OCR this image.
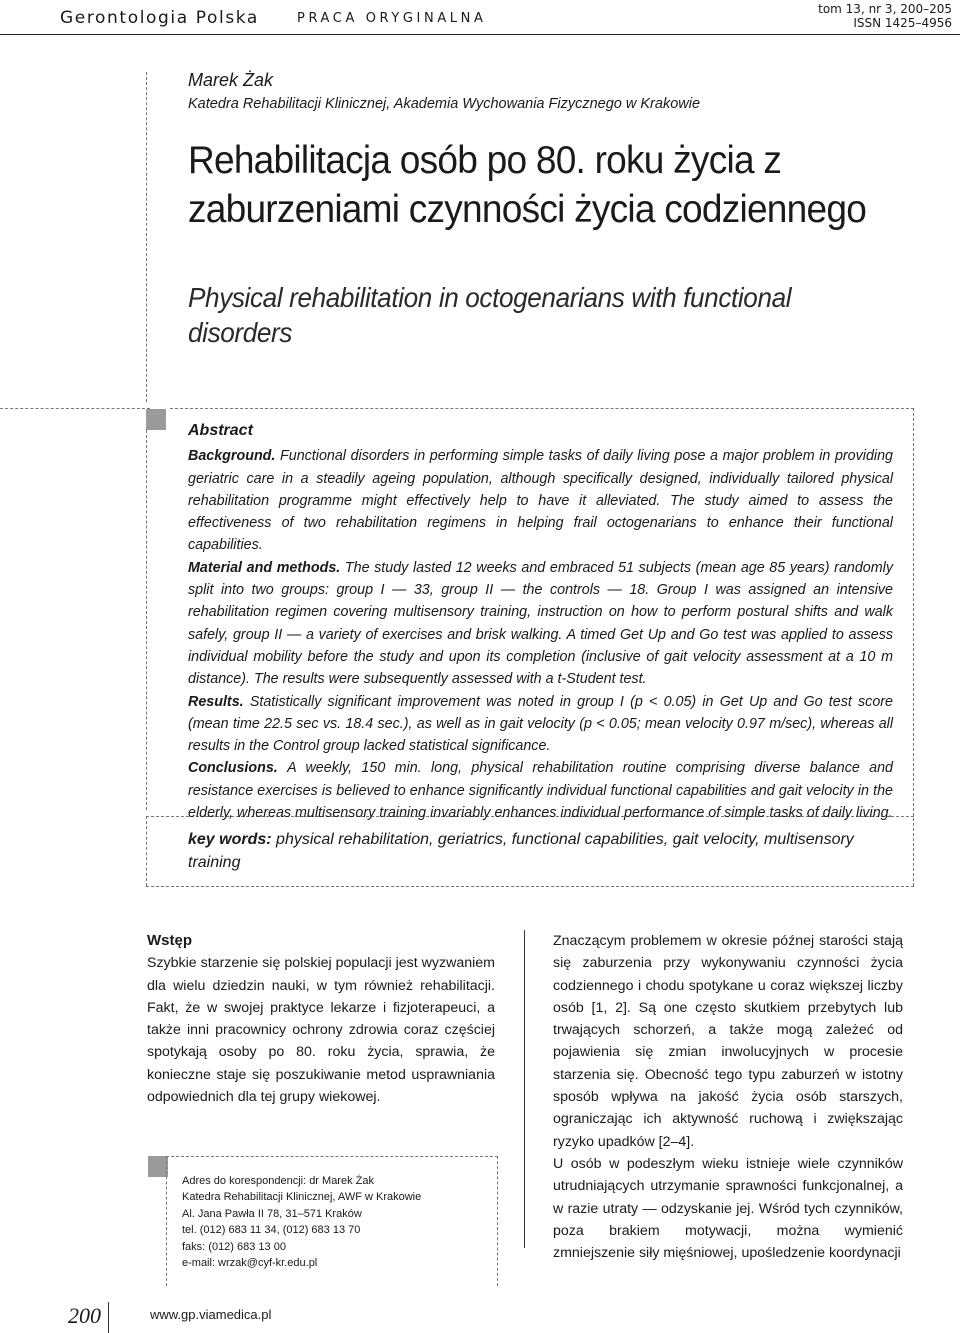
Gerontologia Polska	PRACA ORYGINALNA
tom 13, nr 3, 200–205
ISSN 1425–4956
Marek Żak
Katedra Rehabilitacji Klinicznej, Akademia Wychowania Fizycznego w Krakowie
Rehabilitacja osób po 80. roku życia z zaburzeniami czynności życia codziennego
Physical rehabilitation in octogenarians with functional disorders
Abstract

Background. Functional disorders in performing simple tasks of daily living pose a major problem in providing geriatric care in a steadily ageing population, although specifically designed, individually tailored physical rehabilitation programme might effectively help to have it alleviated. The study aimed to assess the effectiveness of two rehabilitation regimens in helping frail octogenarians to enhance their functional capabilities.

Material and methods. The study lasted 12 weeks and embraced 51 subjects (mean age 85 years) randomly split into two groups: group I — 33, group II — the controls — 18. Group I was assigned an intensive rehabilitation regimen covering multisensory training, instruction on how to perform postural shifts and walk safely, group II — a variety of exercises and brisk walking. A timed Get Up and Go test was applied to assess individual mobility before the study and upon its completion (inclusive of gait velocity assessment at a 10 m distance). The results were subsequently assessed with a t-Student test.

Results. Statistically significant improvement was noted in group I (p < 0.05) in Get Up and Go test score (mean time 22.5 sec vs. 18.4 sec.), as well as in gait velocity (p < 0.05; mean velocity 0.97 m/sec), whereas all results in the Control group lacked statistical significance.

Conclusions. A weekly, 150 min. long, physical rehabilitation routine comprising diverse balance and resistance exercises is believed to enhance significantly individual functional capabilities and gait velocity in the elderly, whereas multisensory training invariably enhances individual performance of simple tasks of daily living.

key words: physical rehabilitation, geriatrics, functional capabilities, gait velocity, multisensory training
Wstęp

Szybkie starzenie się polskiej populacji jest wyzwaniem dla wielu dziedzin nauki, w tym również rehabilitacji. Fakt, że w swojej praktyce lekarze i fizjoterapeuci, a także inni pracownicy ochrony zdrowia coraz częściej spotykają osoby po 80. roku życia, sprawia, że konieczne staje się poszukiwanie metod usprawniania odpowiednich dla tej grupy wiekowej.

Znaczącym problemem w okresie późnej starości stają się zaburzenia przy wykonywaniu czynności życia codziennego i chodu spotykane u coraz większej liczby osób [1, 2]. Są one często skutkiem przebytych lub trwających schorzeń, a także mogą zależeć od pojawienia się zmian inwolucyjnych w procesie starzenia się. Obecność tego typu zaburzeń w istotny sposób wpływa na jakość życia osób starszych, ograniczając ich aktywność ruchową i zwiększając ryzyko upadków [2–4].

U osób w podeszłym wieku istnieje wiele czynników utrudniających utrzymanie sprawności funkcjonalnej, a w razie utraty — odzyskanie jej. Wśród tych czynników, poza brakiem motywacji, można wymienić zmniejszenie siły mięśniowej, upośledzenie koordynacji

Adres do korespondencji: dr Marek Żak
Katedra Rehabilitacji Klinicznej, AWF w Krakowie
Al. Jana Pawła II 78, 31–571 Kraków
tel. (012) 683 11 34, (012) 683 13 70
faks: (012) 683 13 00
e-mail: wrzak@cyf-kr.edu.pl
200	www.gp.viamedica.pl
